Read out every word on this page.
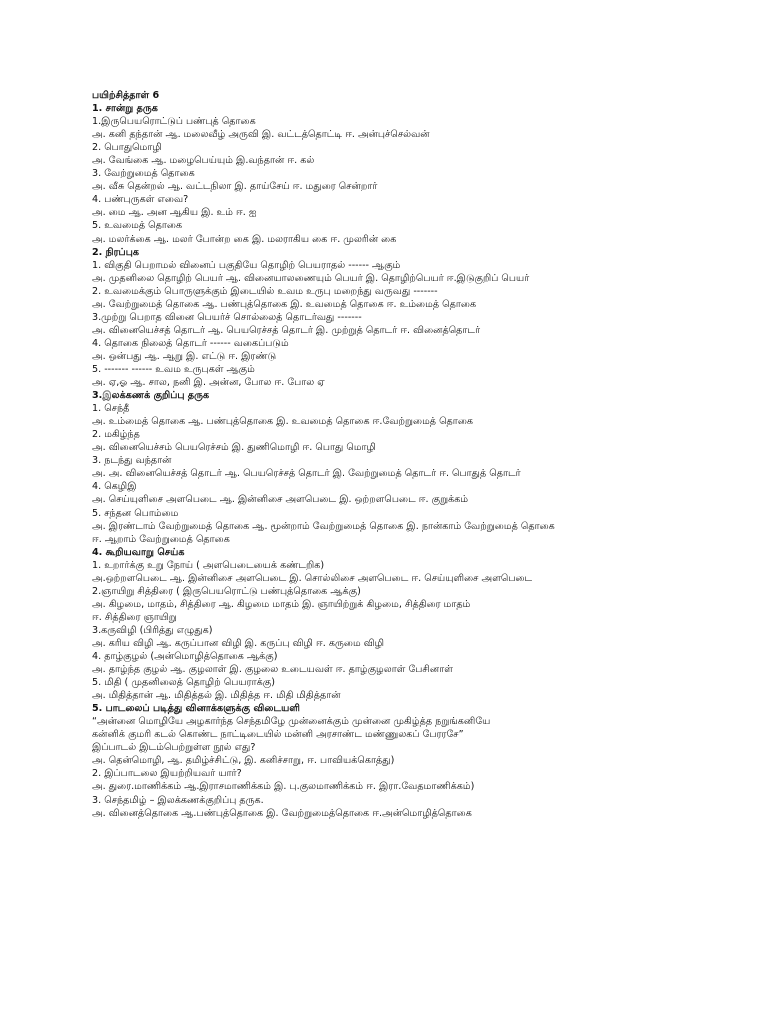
பயிற்சித்தாள் 6
1. சான்று தருக
1.இருபெயரொட்டுப் பண்புத் தொகை
அ. கனி தந்தான் ஆ. மலைவீழ் அருவி இ. வட்டத்தொட்டி ஈ. அன்புச்செல்வன்
2. பொதுமொழி
அ. வேங்கை ஆ. மழைபெய்யும் இ.வந்தான் ஈ. கல்
3. வேற்றுமைத் தொகை
அ. வீசு தென்றல் ஆ. வட்டநிலா இ. தாய்சேய் ஈ. மதுரை சென்றார்
4. பண்புருகள் எவை?
அ. மை ஆ. அன ஆகிய இ. உம் ஈ. ஐ
5. உவமைத் தொகை
அ. மலர்க்கை ஆ. மலர் போன்ற கை இ. மலராகிய கை ஈ. முலரின் கை
2. நிரப்புக
1. விகுதி பெறாமல் வினைப் பகுதியே தொழிற் பெயராதல் ------ ஆகும்
அ. முதனிலை தொழிற் பெயர் ஆ. வினையாலணையும் பெயர் இ. தொழிற்பெயர் ஈ.இடுகுறிப் பெயர்
2. உவமைக்கும் பொருளுக்கும் இடையில் உவம உருபு மறைந்து வருவது -------
அ. வேற்றுமைத் தொகை ஆ. பண்புத்தொகை இ. உவமைத் தொகை ஈ. உம்மைத் தொகை
3.முற்று பெறாத வினை பெயர்ச் சொல்லைத் தொடர்வது -------
அ. வினையெச்சத் தொடர் ஆ. பெயரெச்சத் தொடர் இ. முற்றுத் தொடர் ஈ. வினைத்தொடர்
4. தொகை நிலைத் தொடர் ------ வகைப்படும்
அ. ஒன்பது ஆ. ஆறு இ. எட்டு ஈ. இரண்டு
5. ------- ------ உவம உருபுகள் ஆகும்
அ. ஏ,ஓ ஆ. சால, நனி இ. அன்ன, போல ஈ. போல ஏ
3.இலக்கணக் குறிப்பு தருக
1. செந்தீ
அ. உம்மைத் தொகை ஆ. பண்புத்தொகை இ. உவமைத் தொகை ஈ.வேற்றுமைத் தொகை
2. மகிழ்ந்த
அ. வினையெச்சம் பெயரெச்சம் இ. துணிமொழி ஈ. பொது மொழி
3. நடந்து வந்தான்
அ. அ. வினையெச்சத் தொடர் ஆ. பெயரெச்சத் தொடர் இ. வேற்றுமைத் தொடர் ஈ. பொதுத் தொடர்
4. கெழிஇ
அ. செய்யுளிசை அளபெடை ஆ. இன்னிசை அளபெடை இ. ஒற்றளபெடை ஈ. குறுக்கம்
5. சந்தன பொம்மை
அ. இரண்டாம் வேற்றுமைத் தொகை ஆ. மூன்றாம் வேற்றுமைத் தொகை இ. நான்காம் வேற்றுமைத் தொகை
ஈ. ஆறாம் வேற்றுமைத் தொகை
4. கூறியவாறு செய்க
1. உறார்க்கு உறு நோய் ( அளபெடையைக் கண்டறிக)
அ.ஒற்றளபெடை ஆ. இன்னிசை அளபெடை இ. சொல்லிசை அளபெடை ஈ. செய்யுளிசை அளபெடை
2.ஞாயிறு சித்திரை ( இருபெயரொட்டு பண்புத்தொகை ஆக்கு)
அ. கிழமை, மாதம், சித்திரை ஆ. கிழமை மாதம் இ. ஞாயிற்றுக் கிழமை, சித்திரை மாதம்
ஈ. சித்திரை ஞாயிறு
3.கருவிழி (பிரித்து எழுதுக)
அ. கரிய விழி ஆ. கருப்பான விழி இ. கருப்பு விழி ஈ. கருமை விழி
4. தாழ்குழல் (அன்மொழித்தொகை ஆக்கு)
அ. தாழ்ந்த குழல் ஆ. குழலாள் இ. குழலை உடையவள் ஈ. தாழ்குழலாள் பேசினாள்
5. மிதி ( முதனிலைத் தொழிற் பெயராக்கு)
அ. மிதித்தான் ஆ. மிதித்தல் இ. மிதித்த ஈ. மிதி மிதித்தான்
5. பாடலைப் படித்து வினாக்களுக்கு விடையளி
“அன்னை மொழியே அழகார்ந்த செந்தமிழே முன்னைக்கும் முன்னை முகிழ்த்த நறுங்கனியே
கன்னிக் குமரி கடல் கொண்ட நாட்டிடையில் மன்னி அரசாண்ட மண்ணுலகப் பேரரசே”
இப்பாடல் இடம்பெற்றுள்ள நூல் எது?
அ. தென்மொழி, ஆ. தமிழ்ச்சிட்டு, இ. கனிச்சாறு, ஈ. பாவியக்கொத்து)
2. இப்பாடலை இயற்றியவர் யார்?
அ. துரை.மாணிக்கம் ஆ.இராசமாணிக்கம் இ. பு.குலமாணிக்கம் ஈ. இரா.வேதமாணிக்கம்)
3. செந்தமிழ் – இலக்கணக்குறிப்பு தருக.
அ. வினைத்தொகை ஆ.பண்புத்தொகை இ. வேற்றுமைத்தொகை ஈ.அன்மொழித்தொகை
